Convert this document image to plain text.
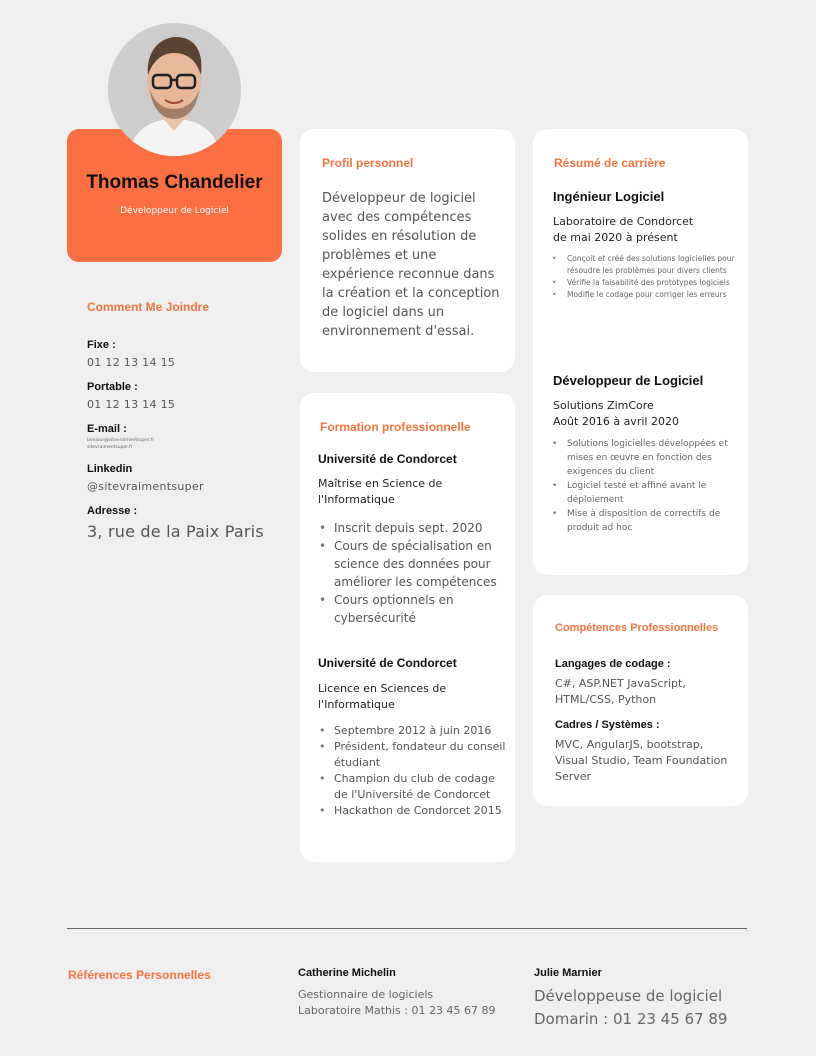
Thomas Chandelier
Développeur de Logiciel
Comment Me Joindre
Fixe :
01 12 13 14 15
Portable :
01 12 13 14 15
E-mail :
bonjour@sitevraimentsuper.fr
sitevraimentsuper.fr
Linkedin
@sitevraimentsuper
Adresse :
3, rue de la Paix Paris
Profil personnel
Développeur de logiciel avec des compétences solides en résolution de problèmes et une expérience reconnue dans la création et la conception de logiciel dans un environnement d'essai.
Formation professionnelle
Université de Condorcet
Maîtrise en Science de l'Informatique
• Inscrit depuis sept. 2020
• Cours de spécialisation en science des données pour améliorer les compétences
• Cours optionnels en cybersécurité
Université de Condorcet
Licence en Sciences de l'Informatique
• Septembre 2012 à juin 2016
• Président, fondateur du conseil étudiant
• Champion du club de codage de l'Université de Condorcet
• Hackathon de Condorcet 2015
Résumé de carrière
Ingénieur Logiciel
Laboratoire de Condorcet
de mai 2020 à présent
• Conçoit et créé des solutions logicielles pour résoudre les problèmes pour divers clients
• Vérifie la faisabilité des prototypes logiciels
• Modifie le codage pour corriger les erreurs
Développeur de Logiciel
Solutions ZimCore
Août 2016 à avril 2020
• Solutions logicielles développées et mises en œuvre en fonction des exigences du client
• Logiciel testé et affiné avant le déploiement
• Mise à disposition de correctifs de produit ad hoc
Compétences Professionnelles
Langages de codage :
C#, ASP.NET JavaScript, HTML/CSS, Python
Cadres / Systèmes :
MVC, AngularJS, bootstrap, Visual Studio, Team Foundation Server
Références Personnelles	Catherine Michelin
Gestionnaire de logiciels
Laboratoire Mathis : 01 23 45 67 89
Julie Marnier
Développeuse de logiciel
Domarin : 01 23 45 67 89
